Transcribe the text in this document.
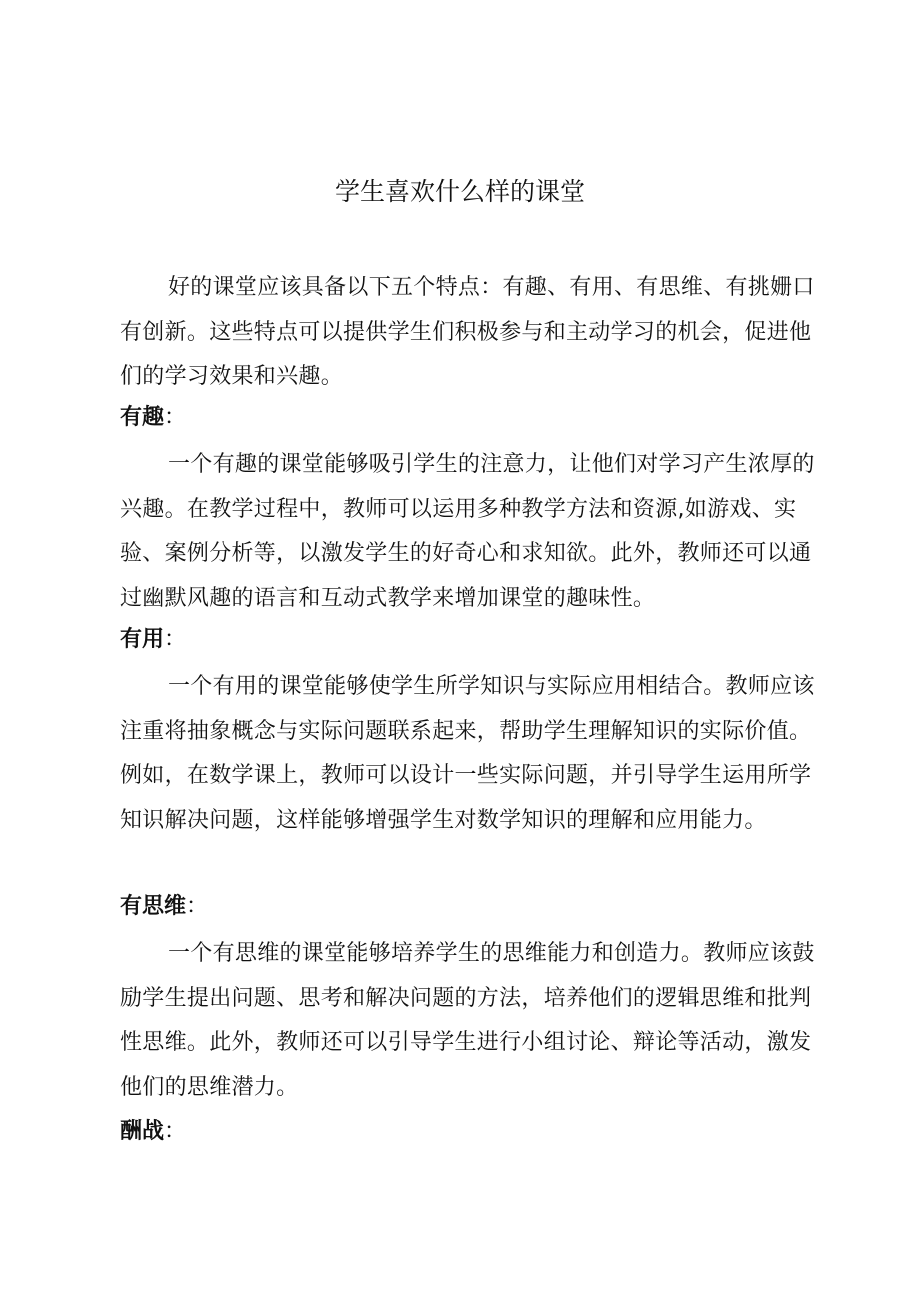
学生喜欢什么样的课堂

好的课堂应该具备以下五个特点：有趣、有用、有思维、有挑姗口有创新。这些特点可以提供学生们积极参与和主动学习的机会，促进他们的学习效果和兴趣。

有趣：

一个有趣的课堂能够吸引学生的注意力，让他们对学习产生浓厚的兴趣。在教学过程中，教师可以运用多种教学方法和资源,如游戏、实验、案例分析等，以激发学生的好奇心和求知欲。此外，教师还可以通过幽默风趣的语言和互动式教学来增加课堂的趣味性。

有用：

一个有用的课堂能够使学生所学知识与实际应用相结合。教师应该注重将抽象概念与实际问题联系起来，帮助学生理解知识的实际价值。例如，在数学课上，教师可以设计一些实际问题，并引导学生运用所学知识解决问题，这样能够增强学生对数学知识的理解和应用能力。

有思维：

一个有思维的课堂能够培养学生的思维能力和创造力。教师应该鼓励学生提出问题、思考和解决问题的方法，培养他们的逻辑思维和批判性思维。此外，教师还可以引导学生进行小组讨论、辩论等活动，激发他们的思维潜力。

酬战：
